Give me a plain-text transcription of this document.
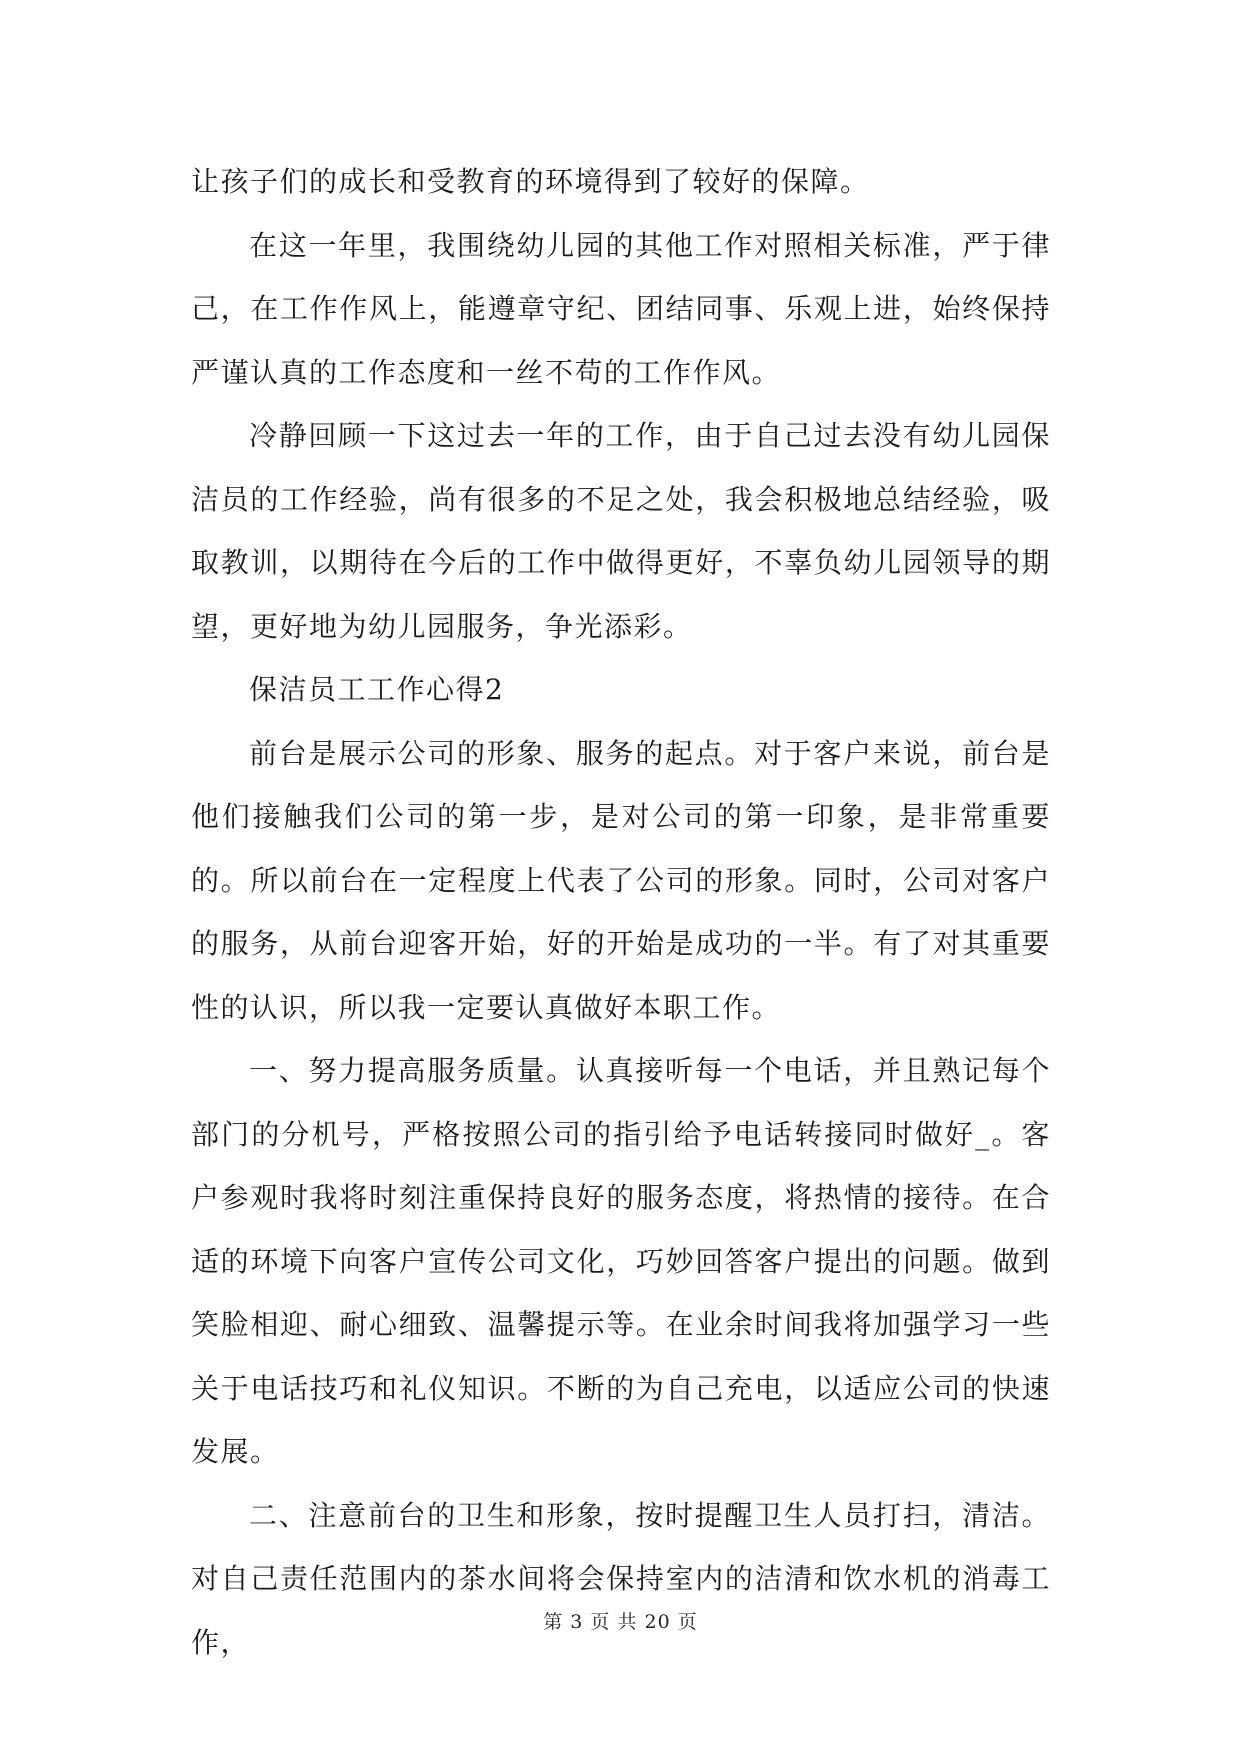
让孩子们的成长和受教育的环境得到了较好的保障。

在这一年里，我围绕幼儿园的其他工作对照相关标准，严于律己，在工作作风上，能遵章守纪、团结同事、乐观上进，始终保持严谨认真的工作态度和一丝不苟的工作作风。

冷静回顾一下这过去一年的工作，由于自己过去没有幼儿园保洁员的工作经验，尚有很多的不足之处，我会积极地总结经验，吸取教训，以期待在今后的工作中做得更好，不辜负幼儿园领导的期望，更好地为幼儿园服务，争光添彩。

保洁员工工作心得2

前台是展示公司的形象、服务的起点。对于客户来说，前台是他们接触我们公司的第一步，是对公司的第一印象，是非常重要的。所以前台在一定程度上代表了公司的形象。同时，公司对客户的服务，从前台迎客开始，好的开始是成功的一半。有了对其重要性的认识，所以我一定要认真做好本职工作。

一、努力提高服务质量。认真接听每一个电话，并且熟记每个部门的分机号，严格按照公司的指引给予电话转接同时做好_。客户参观时我将时刻注重保持良好的服务态度，将热情的接待。在合适的环境下向客户宣传公司文化，巧妙回答客户提出的问题。做到笑脸相迎、耐心细致、温馨提示等。在业余时间我将加强学习一些关于电话技巧和礼仪知识。不断的为自己充电，以适应公司的快速发展。

二、注意前台的卫生和形象，按时提醒卫生人员打扫，清洁。对自己责任范围内的茶水间将会保持室内的洁清和饮水机的消毒工作，

第 3 页 共 20 页
